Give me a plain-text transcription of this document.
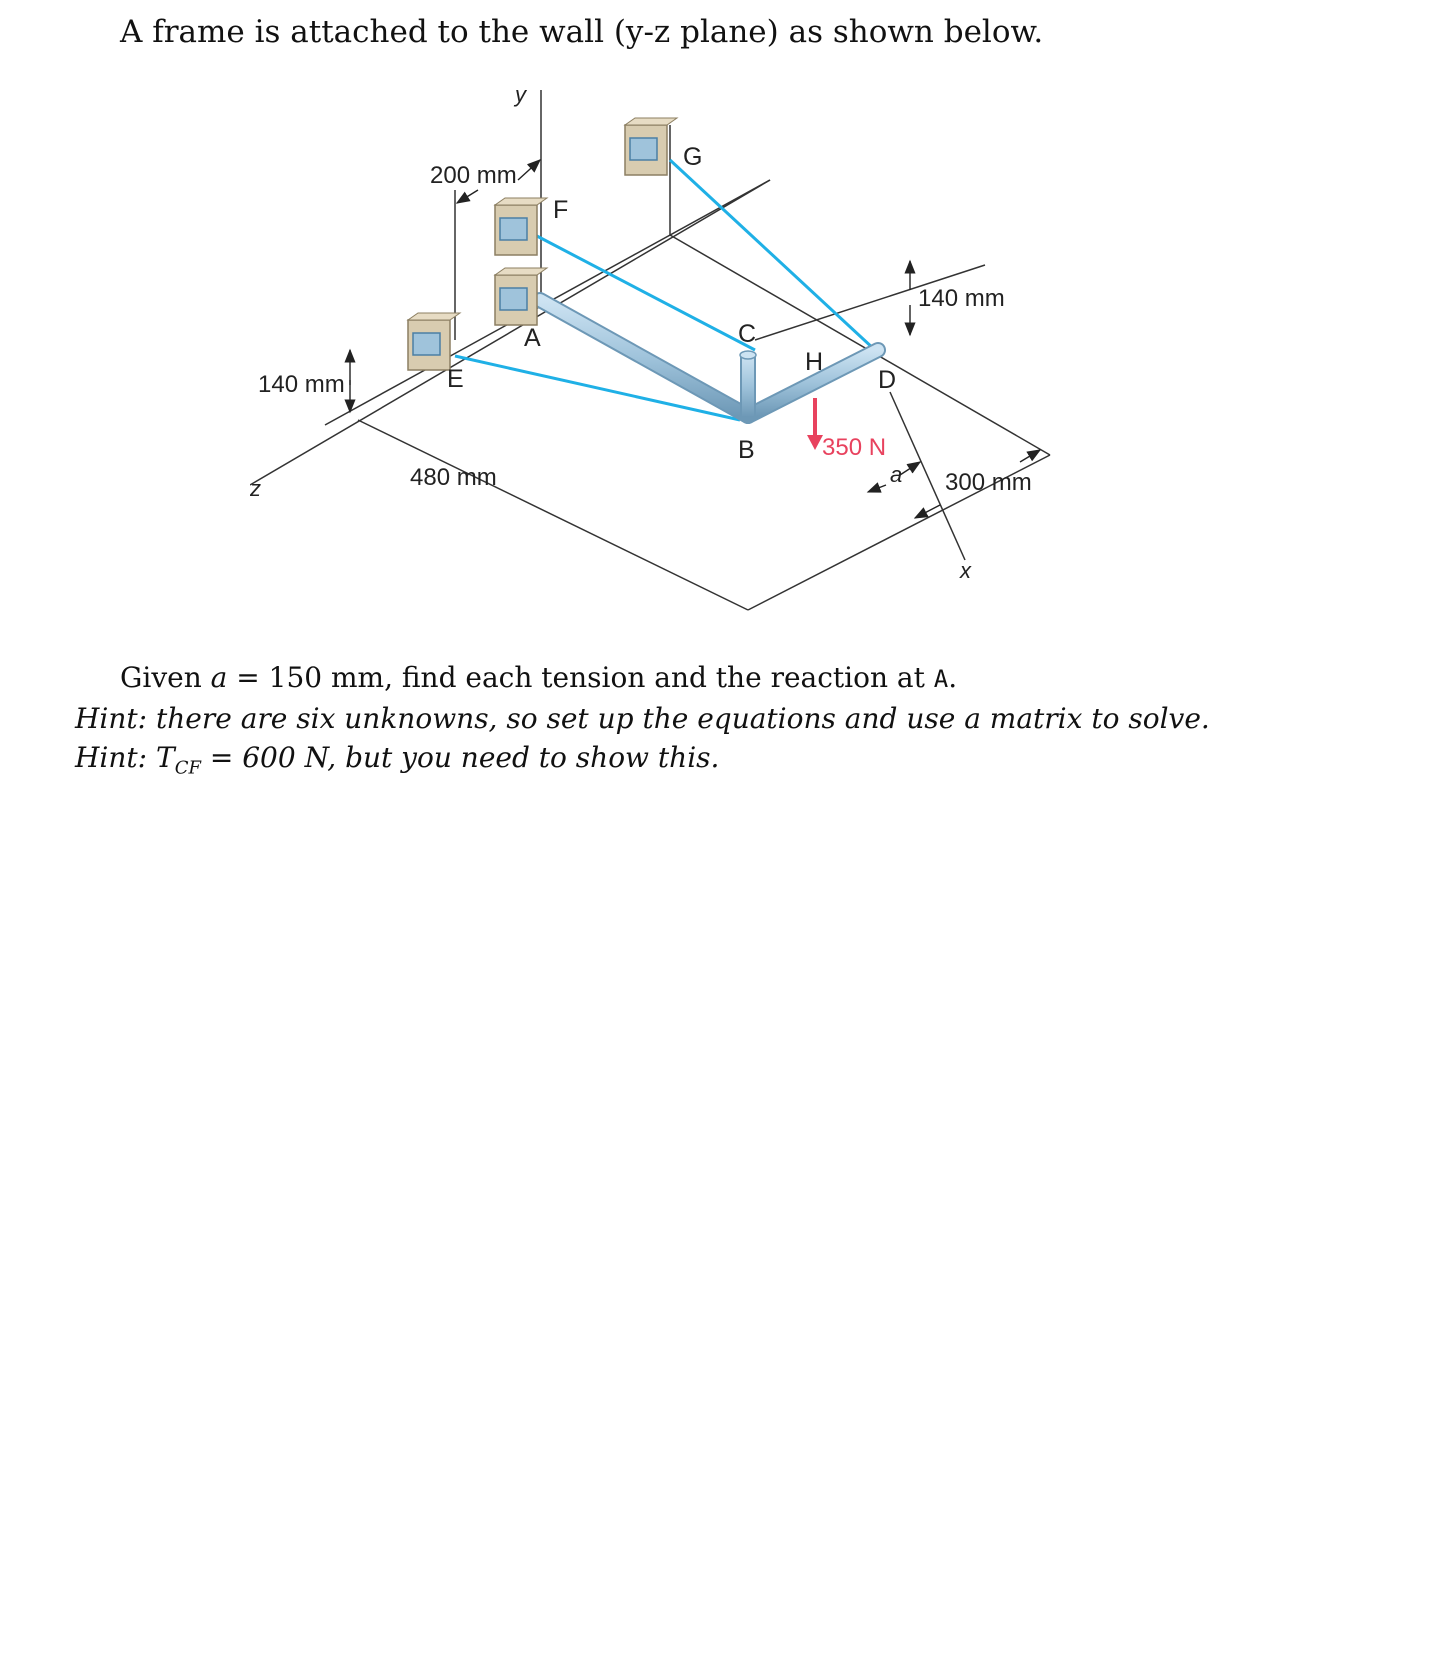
A frame is attached to the wall (y-z plane) as shown below.

350 N
y
z
x
200 mm
140 mm
140 mm
480 mm	300 mm
a
A
B
C
D
E
F
G
H
Given a = 150 mm, find each tension and the reaction at A.
Hint: there are six unknowns, so set up the equations and use a matrix to solve.
Hint: $T_{CF} = 600$ N, but you need to show this.
